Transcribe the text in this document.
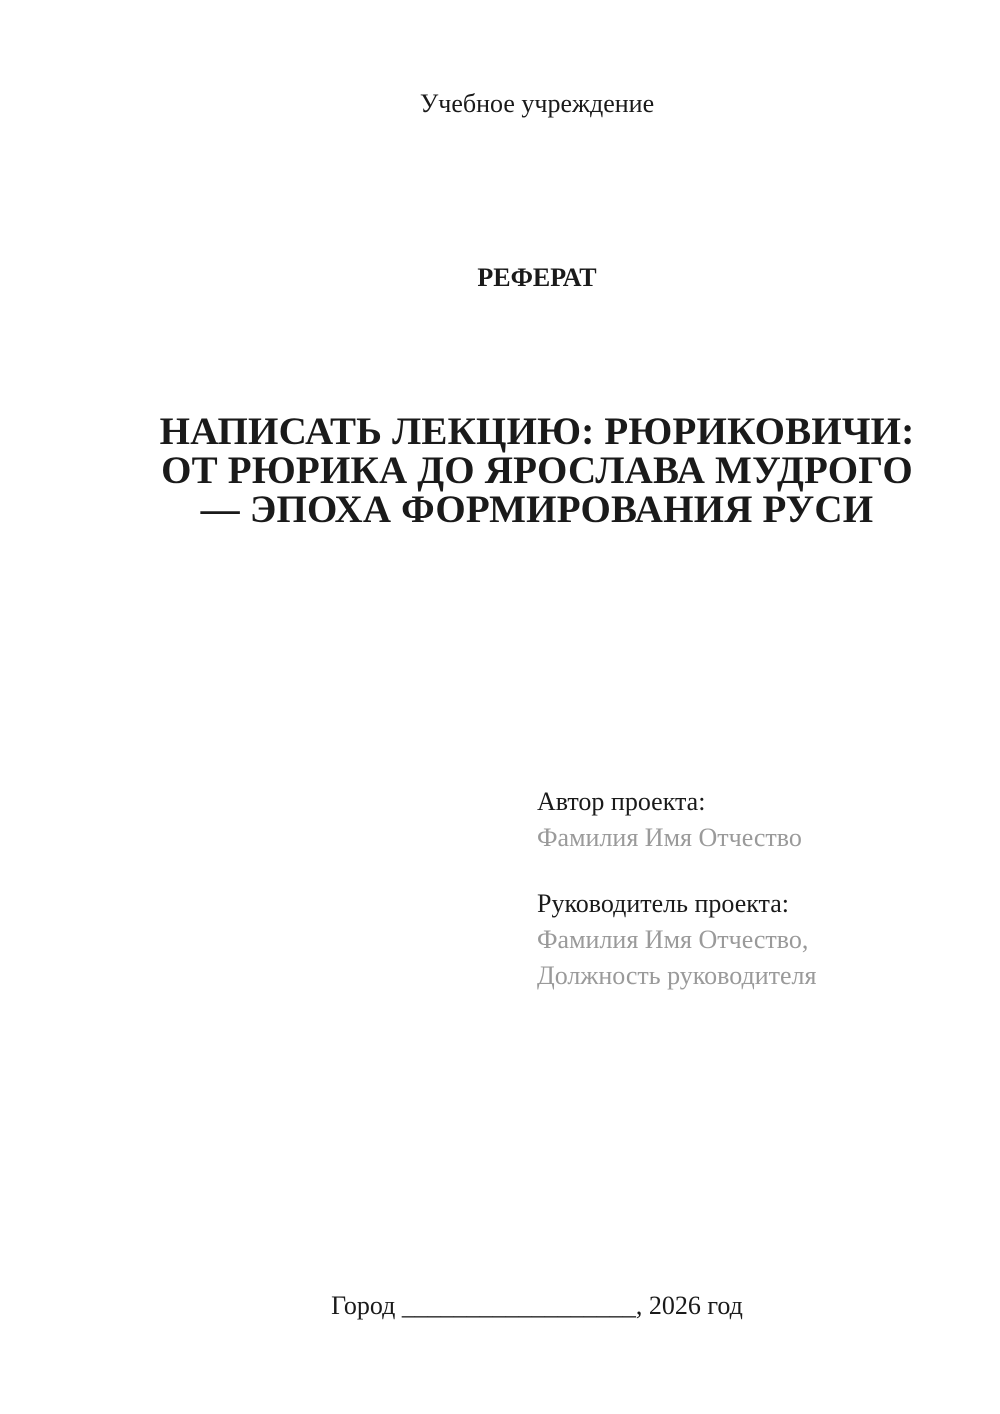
Учебное учреждение
РЕФЕРАТ
НАПИСАТЬ ЛЕКЦИЮ: РЮРИКОВИЧИ:
ОТ РЮРИКА ДО ЯРОСЛАВА МУДРОГО
— ЭПОХА ФОРМИРОВАНИЯ РУСИ
Автор проекта:
Фамилия Имя Отчество
Руководитель проекта:
Фамилия Имя Отчество,
Должность руководителя
Город __________________, 2026 год
